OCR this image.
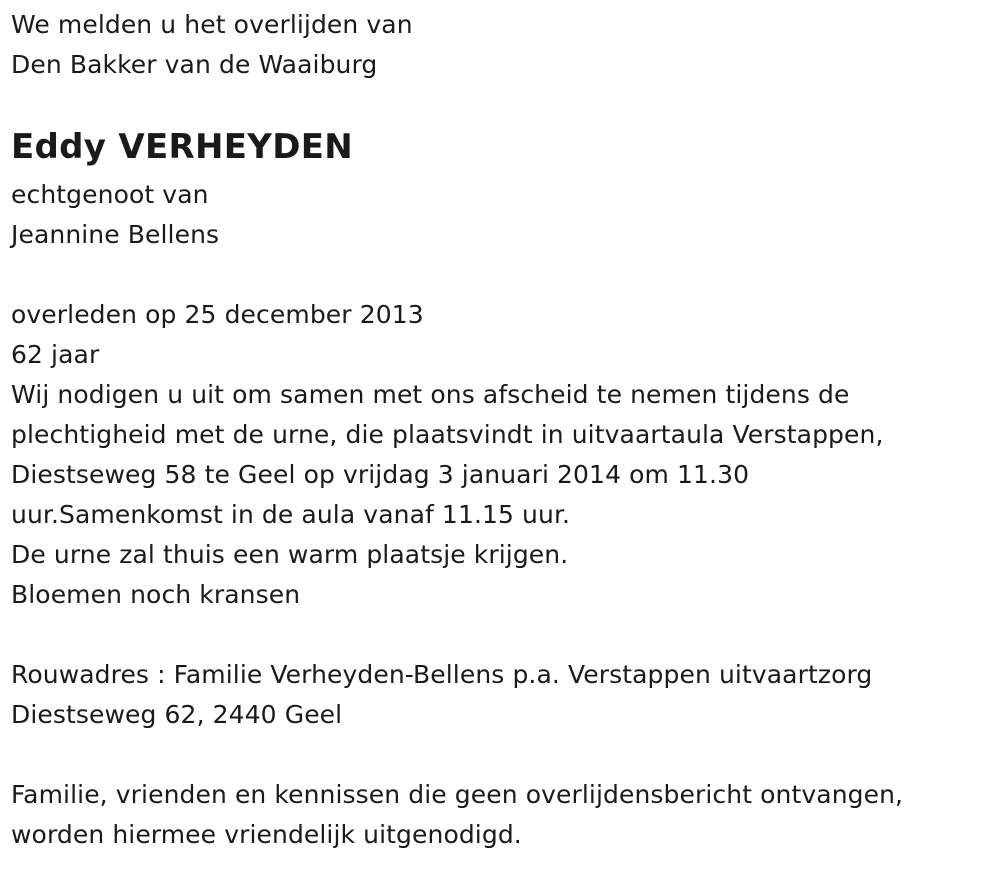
We melden u het overlijden van
Den Bakker van de Waaiburg
Eddy VERHEYDEN
echtgenoot van
Jeannine Bellens
overleden op 25 december 2013
62 jaar
Wij nodigen u uit om samen met ons afscheid te nemen tijdens de
plechtigheid met de urne, die plaatsvindt in uitvaartaula Verstappen,
Diestseweg 58 te Geel op vrijdag 3 januari 2014 om 11.30
uur.Samenkomst in de aula vanaf 11.15 uur.
De urne zal thuis een warm plaatsje krijgen.
Bloemen noch kransen
Rouwadres : Familie Verheyden-Bellens p.a. Verstappen uitvaartzorg
Diestseweg 62, 2440 Geel
Familie, vrienden en kennissen die geen overlijdensbericht ontvangen,
worden hiermee vriendelijk uitgenodigd.
